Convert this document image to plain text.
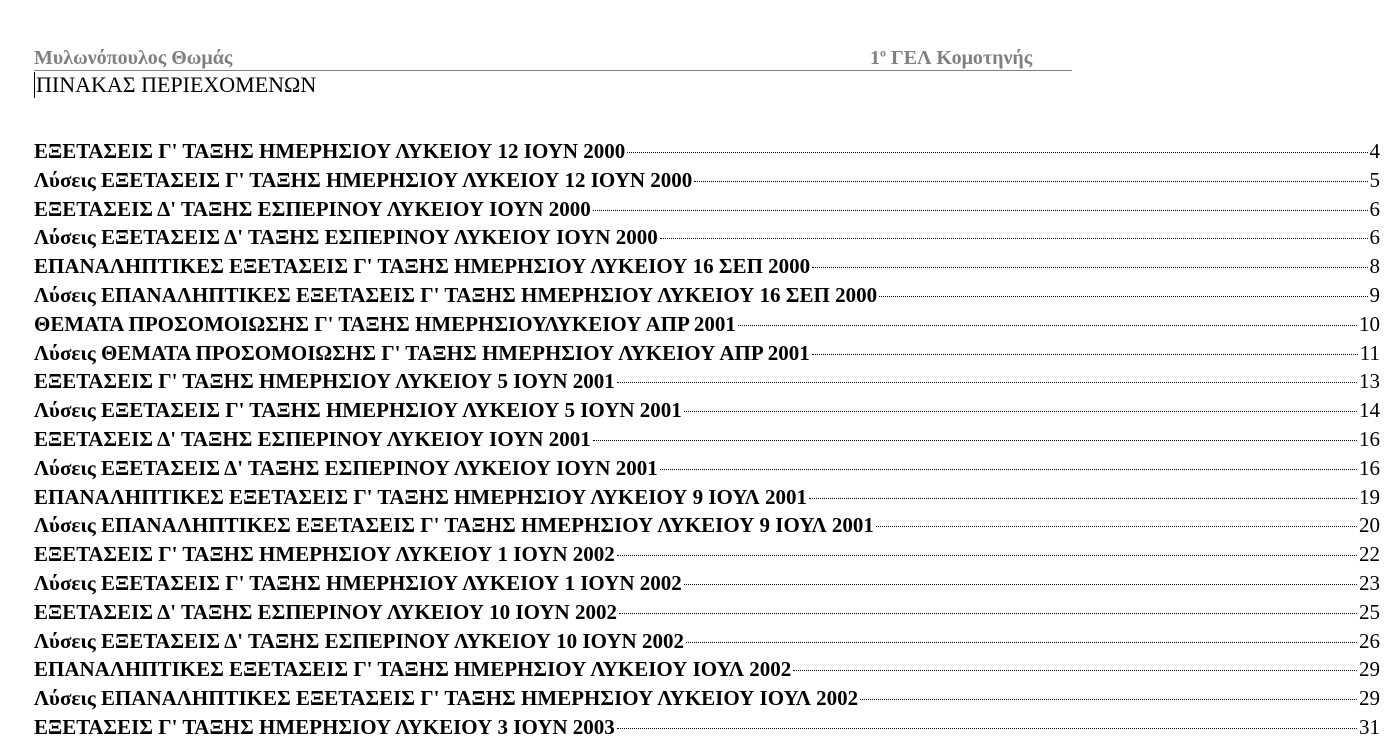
Μυλωνόπουλος Θωμάς	$1^o$ ΓΕΛ Κομοτηνής
ΠΙΝΑΚΑΣ ΠΕΡΙΕΧΟΜΕΝΩΝ
ΕΞΕΤΑΣΕΙΣ Γ' ΤΑΞΗΣ ΗΜΕΡΗΣΙΟΥ ΛΥΚΕΙΟΥ 12 ΙΟΥΝ 2000	4
Λύσεις ΕΞΕΤΑΣΕΙΣ Γ' ΤΑΞΗΣ ΗΜΕΡΗΣΙΟΥ ΛΥΚΕΙΟΥ 12 ΙΟΥΝ 2000	5
ΕΞΕΤΑΣΕΙΣ Δ' ΤΑΞΗΣ ΕΣΠΕΡΙΝΟΥ ΛΥΚΕΙΟΥ ΙΟΥΝ 2000	6
Λύσεις ΕΞΕΤΑΣΕΙΣ Δ' ΤΑΞΗΣ ΕΣΠΕΡΙΝΟΥ ΛΥΚΕΙΟΥ ΙΟΥΝ 2000	6
ΕΠΑΝΑΛΗΠΤΙΚΕΣ ΕΞΕΤΑΣΕΙΣ Γ' ΤΑΞΗΣ ΗΜΕΡΗΣΙΟΥ ΛΥΚΕΙΟΥ 16 ΣΕΠ 2000	8
Λύσεις ΕΠΑΝΑΛΗΠΤΙΚΕΣ ΕΞΕΤΑΣΕΙΣ Γ' ΤΑΞΗΣ ΗΜΕΡΗΣΙΟΥ ΛΥΚΕΙΟΥ 16 ΣΕΠ 2000	9
ΘΕΜΑΤΑ ΠΡΟΣΟΜΟΙΩΣΗΣ Γ' ΤΑΞΗΣ ΗΜΕΡΗΣΙΟΥΛΥΚΕΙΟΥ ΑΠΡ 2001	10
Λύσεις ΘΕΜΑΤΑ ΠΡΟΣΟΜΟΙΩΣΗΣ Γ' ΤΑΞΗΣ ΗΜΕΡΗΣΙΟΥ ΛΥΚΕΙΟΥ ΑΠΡ 2001	11
ΕΞΕΤΑΣΕΙΣ Γ' ΤΑΞΗΣ ΗΜΕΡΗΣΙΟΥ ΛΥΚΕΙΟΥ 5 ΙΟΥΝ 2001	13
Λύσεις ΕΞΕΤΑΣΕΙΣ Γ' ΤΑΞΗΣ ΗΜΕΡΗΣΙΟΥ ΛΥΚΕΙΟΥ 5 ΙΟΥΝ 2001	14
ΕΞΕΤΑΣΕΙΣ Δ' ΤΑΞΗΣ ΕΣΠΕΡΙΝΟΥ ΛΥΚΕΙΟΥ ΙΟΥΝ 2001	16
Λύσεις ΕΞΕΤΑΣΕΙΣ Δ' ΤΑΞΗΣ ΕΣΠΕΡΙΝΟΥ ΛΥΚΕΙΟΥ ΙΟΥΝ 2001	16
ΕΠΑΝΑΛΗΠΤΙΚΕΣ ΕΞΕΤΑΣΕΙΣ Γ' ΤΑΞΗΣ ΗΜΕΡΗΣΙΟΥ ΛΥΚΕΙΟΥ 9 ΙΟΥΛ 2001	19
Λύσεις ΕΠΑΝΑΛΗΠΤΙΚΕΣ ΕΞΕΤΑΣΕΙΣ Γ' ΤΑΞΗΣ ΗΜΕΡΗΣΙΟΥ ΛΥΚΕΙΟΥ 9 ΙΟΥΛ 2001	20
ΕΞΕΤΑΣΕΙΣ Γ' ΤΑΞΗΣ ΗΜΕΡΗΣΙΟΥ ΛΥΚΕΙΟΥ 1 ΙΟΥΝ 2002	22
Λύσεις ΕΞΕΤΑΣΕΙΣ Γ' ΤΑΞΗΣ ΗΜΕΡΗΣΙΟΥ ΛΥΚΕΙΟΥ 1 ΙΟΥΝ 2002	23
ΕΞΕΤΑΣΕΙΣ Δ' ΤΑΞΗΣ ΕΣΠΕΡΙΝΟΥ ΛΥΚΕΙΟΥ 10 ΙΟΥΝ 2002	25
Λύσεις ΕΞΕΤΑΣΕΙΣ Δ' ΤΑΞΗΣ ΕΣΠΕΡΙΝΟΥ ΛΥΚΕΙΟΥ 10 ΙΟΥΝ 2002	26
ΕΠΑΝΑΛΗΠΤΙΚΕΣ ΕΞΕΤΑΣΕΙΣ Γ' ΤΑΞΗΣ ΗΜΕΡΗΣΙΟΥ ΛΥΚΕΙΟΥ ΙΟΥΛ 2002	29
Λύσεις ΕΠΑΝΑΛΗΠΤΙΚΕΣ ΕΞΕΤΑΣΕΙΣ Γ' ΤΑΞΗΣ ΗΜΕΡΗΣΙΟΥ ΛΥΚΕΙΟΥ ΙΟΥΛ 2002	29
ΕΞΕΤΑΣΕΙΣ Γ' ΤΑΞΗΣ ΗΜΕΡΗΣΙΟΥ ΛΥΚΕΙΟΥ 3 ΙΟΥΝ 2003	31
